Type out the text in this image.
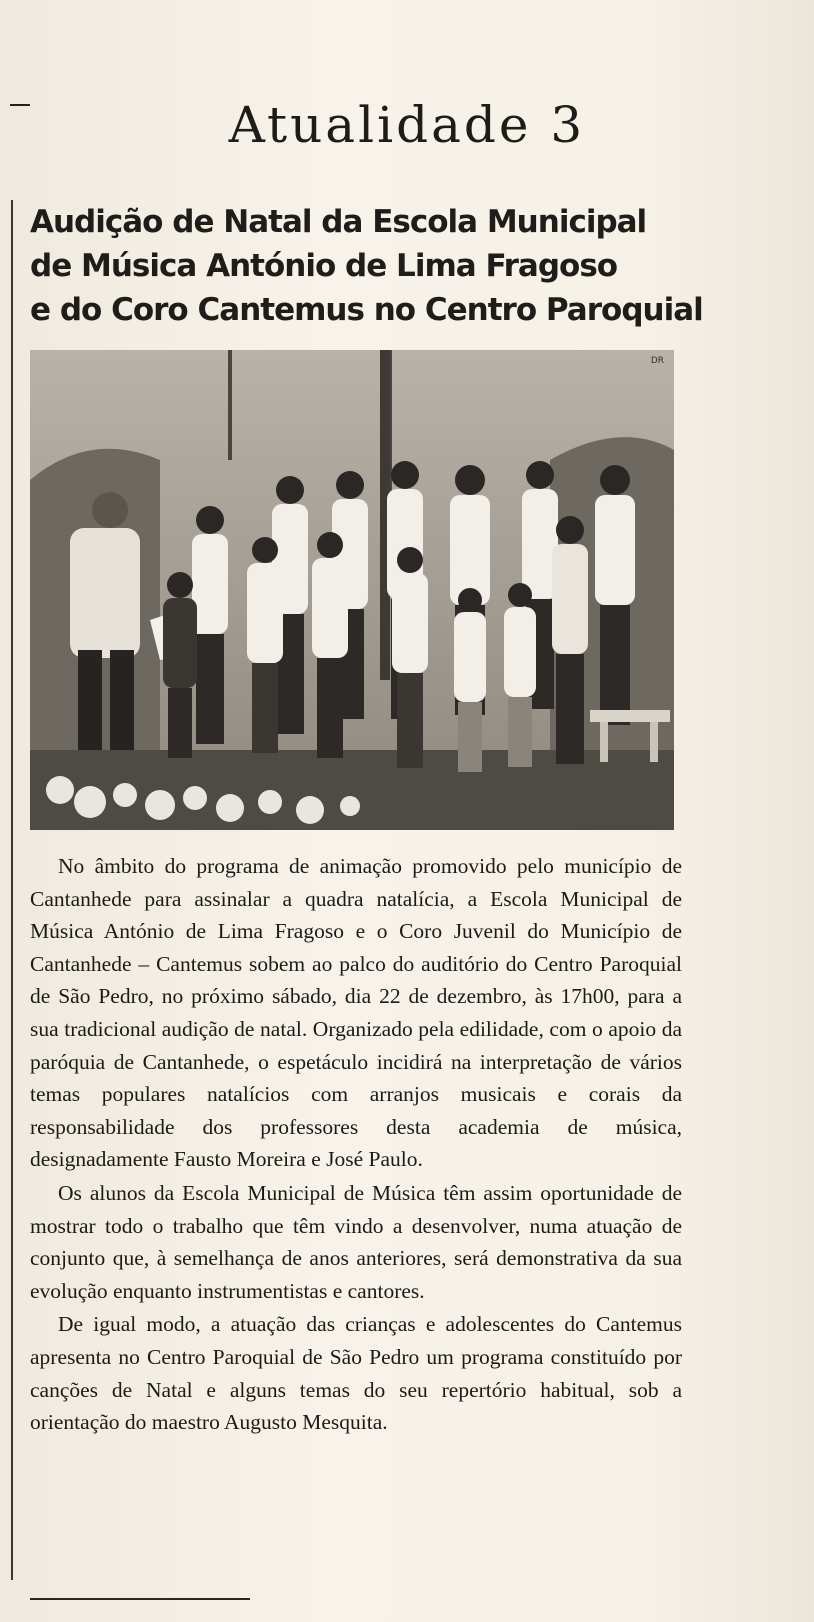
Atualidade 3
Audição de Natal da Escola Municipal
de Música António de Lima Fragoso
e do Coro Cantemus no Centro Paroquial
DR

No âmbito do programa de animação promovido pelo município de Cantanhede para assinalar a quadra natalícia, a Escola Municipal de Música António de Lima Fragoso e o Coro Juvenil do Município de Cantanhede – Cantemus sobem ao palco do auditório do Centro Paroquial de São Pedro, no próximo sábado, dia 22 de dezembro, às 17h00, para a sua tradicional audição de natal. Organizado pela edilidade, com o apoio da paróquia de Cantanhede, o espetáculo incidirá na interpretação de vários temas populares natalícios com arranjos musicais e corais da responsabilidade dos professores desta academia de música, designadamente Fausto Moreira e José Paulo.

Os alunos da Escola Municipal de Música têm assim oportunidade de mostrar todo o trabalho que têm vindo a desenvolver, numa atuação de conjunto que, à semelhança de anos anteriores, será demonstrativa da sua evolução enquanto instrumentistas e cantores.

De igual modo, a atuação das crianças e adolescentes do Cantemus apresenta no Centro Paroquial de São Pedro um programa constituído por canções de Natal e alguns temas do seu repertório habitual, sob a orientação do maestro Augusto Mesquita.
